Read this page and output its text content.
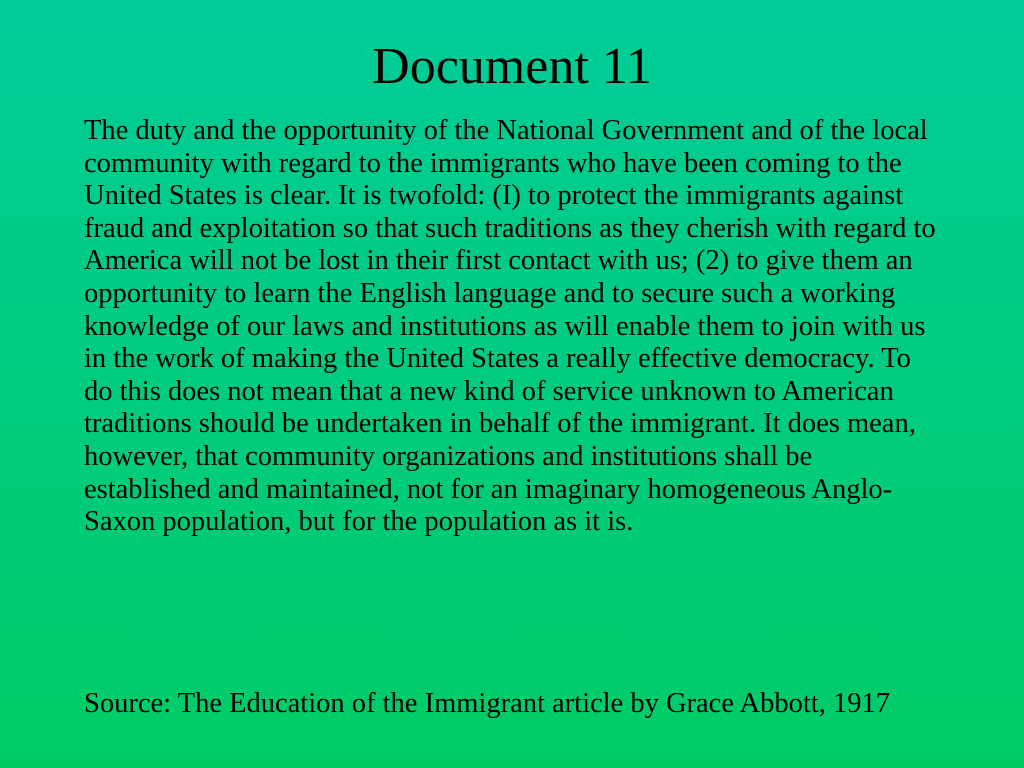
Document 11

The duty and the opportunity of the National Government and of the local community with regard to the immigrants who have been coming to the United States is clear. It is twofold: (I) to protect the immigrants against fraud and exploitation so that such traditions as they cherish with regard to America will not be lost in their first contact with us; (2) to give them an opportunity to learn the English language and to secure such a working knowledge of our laws and institutions as will enable them to join with us in the work of making the United States a really effective democracy. To do this does not mean that a new kind of service unknown to American traditions should be undertaken in behalf of the immigrant. It does mean, however, that community organizations and institutions shall be established and maintained, not for an imaginary homogeneous Anglo-Saxon population, but for the population as it is.

Source: The Education of the Immigrant article by Grace Abbott, 1917
